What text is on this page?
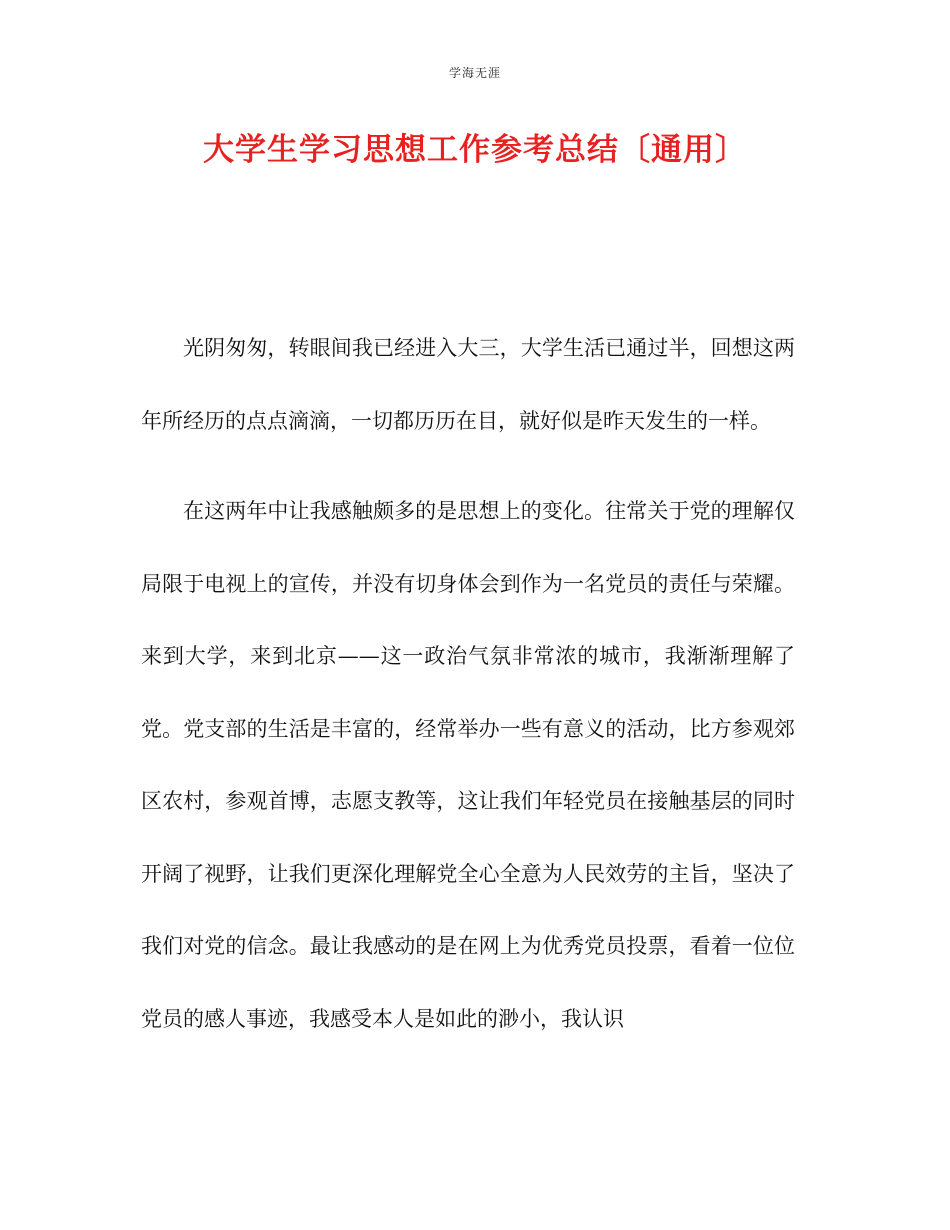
学海无涯
大学生学习思想工作参考总结〔通用〕

光阴匆匆，转眼间我已经进入大三，大学生活已通过半，回想这两年所经历的点点滴滴，一切都历历在目，就好似是昨天发生的一样。

在这两年中让我感触颇多的是思想上的变化。往常关于党的理解仅局限于电视上的宣传，并没有切身体会到作为一名党员的责任与荣耀。来到大学，来到北京——这一政治气氛非常浓的城市，我渐渐理解了党。党支部的生活是丰富的，经常举办一些有意义的活动，比方参观郊区农村，参观首博，志愿支教等，这让我们年轻党员在接触基层的同时开阔了视野，让我们更深化理解党全心全意为人民效劳的主旨，坚决了我们对党的信念。最让我感动的是在网上为优秀党员投票，看着一位位党员的感人事迹，我感受本人是如此的渺小，我认识
